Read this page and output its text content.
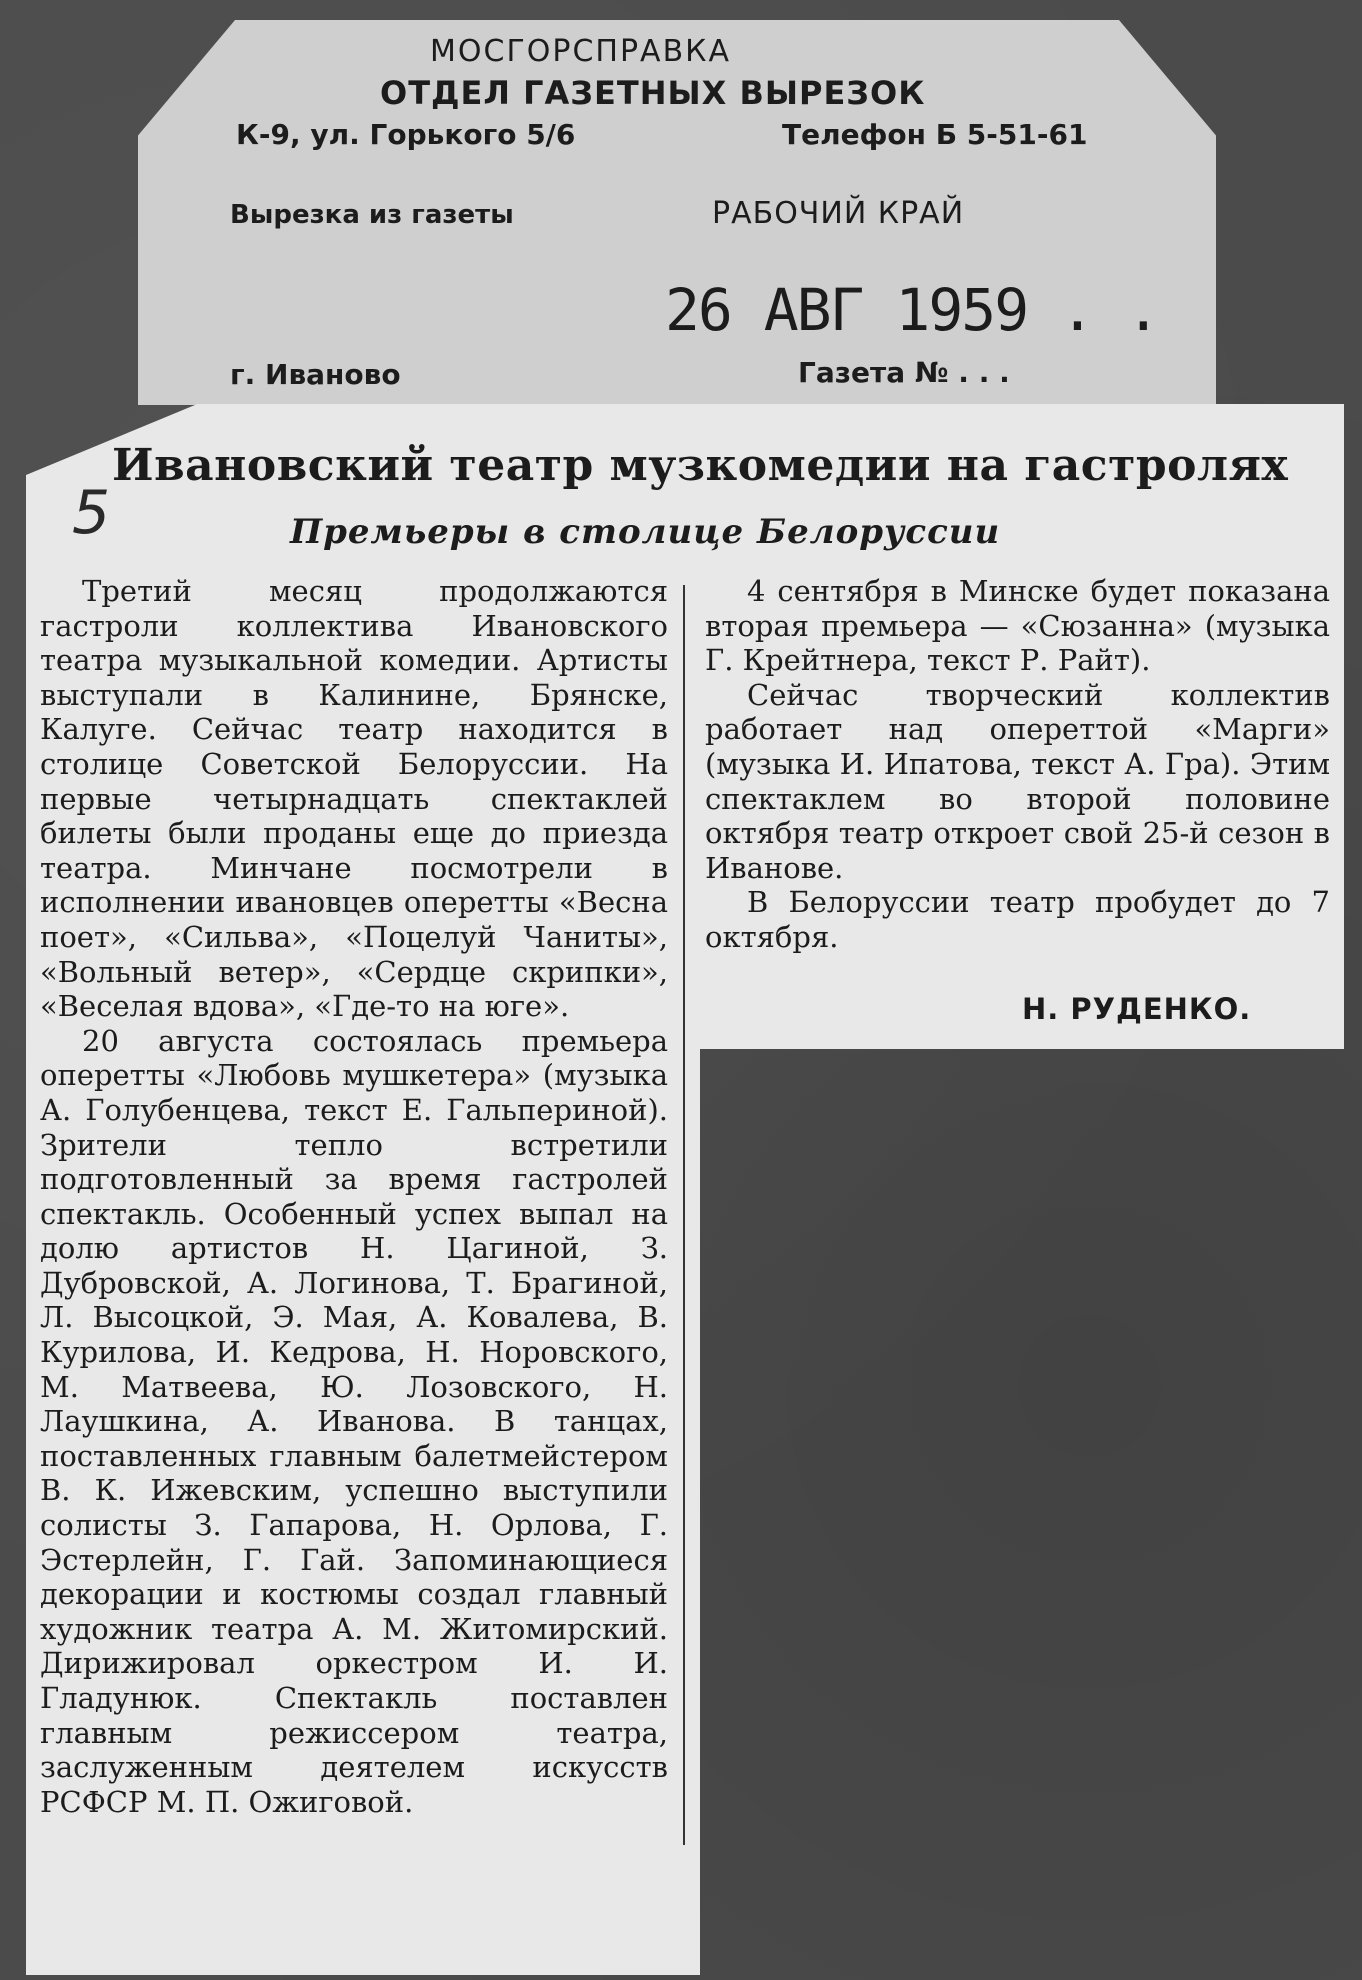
МОСГОРСПРАВКА
ОТДЕЛ ГАЗЕТНЫХ ВЫРЕЗОК
К-9, ул. Горького 5/6	Телефон Б 5-51-61
Вырезка из газеты	РАБОЧИЙ КРАЙ
26 АВГ 1959 . .
г. Иваново	Газета № . . .
5
Ивановский театр музкомедии на гастролях
Премьеры в столице Белоруссии

Третий месяц продолжаются гастроли коллектива Ивановского театра музыкальной комедии. Артисты выступали в Калинине, Брянске, Калуге. Сейчас театр находится в столице Советской Белоруссии. На первые четырнадцать спектаклей билеты были проданы еще до приезда театра. Минчане посмотрели в исполнении ивановцев оперетты «Весна поет», «Сильва», «Поцелуй Чаниты», «Вольный ветер», «Сердце скрипки», «Веселая вдова», «Где-то на юге».

20 августа состоялась премьера оперетты «Любовь мушкетера» (музыка А. Голубенцева, текст Е. Гальпериной). Зрители тепло встретили подготовленный за время гастролей спектакль. Особенный успех выпал на долю артистов Н. Цагиной, З. Дубровской, А. Логинова, Т. Брагиной, Л. Высоцкой, Э. Мая, А. Ковалева, В. Курилова, И. Кедрова, Н. Норовского, М. Матвеева, Ю. Лозовского, Н. Лаушкина, А. Иванова. В танцах, поставленных главным балетмейстером В. К. Ижевским, успешно выступили солисты З. Гапарова, Н. Орлова, Г. Эстерлейн, Г. Гай. Запоминающиеся декорации и костюмы создал главный художник театра А. М. Житомирский. Дирижировал оркестром И. И. Гладунюк. Спектакль поставлен главным режиссером театра, заслуженным деятелем искусств РСФСР М. П. Ожиговой.

4 сентября в Минске будет показана вторая премьера — «Сюзанна» (музыка Г. Крейтнера, текст Р. Райт).

Сейчас творческий коллектив работает над опереттой «Марги» (музыка И. Ипатова, текст А. Гра). Этим спектаклем во второй половине октября театр откроет свой 25-й сезон в Иванове.

В Белоруссии театр пробудет до 7 октября.

Н. РУДЕНКО.
